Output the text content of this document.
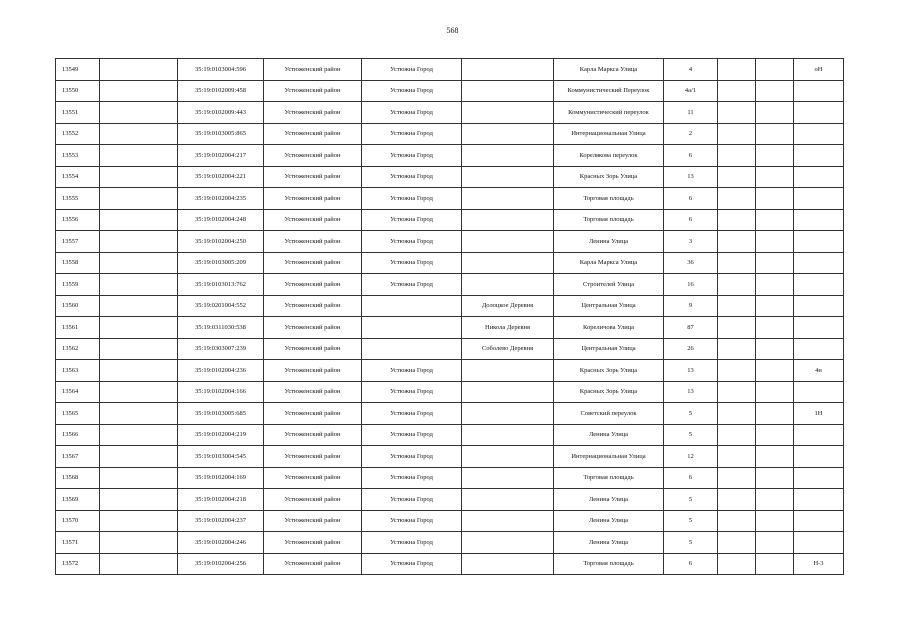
568
13549		35:19:0103004:596	Устюженский район	Устюжна Город		Карла Маркса Улица	4			оН
13550		35:19:0102009:458	Устюженский район	Устюжна Город		Коммунистический Переулок	4а/1			
13551		35:19:0102009:443	Устюженский район	Устюжна Город		Коммунистический переулок	11			
13552		35:19:0103005:865	Устюженский район	Устюжна Город		Интернациональная Улица	2			
13553		35:19:0102004:217	Устюженский район	Устюжна Город		Корелякова переулок	6			
13554		35:19:0102004:221	Устюженский район	Устюжна Город		Красных Зорь Улица	13			
13555		35:19:0102004:235	Устюженский район	Устюжна Город		Торговая площадь	6			
13556		35:19:0102004:248	Устюженский район	Устюжна Город		Торговая площадь	6			
13557		35:19:0102004:250	Устюженский район	Устюжна Город		Ленина Улица	3			
13558		35:19:0103005:209	Устюженский район	Устюжна Город		Карла Маркса Улица	36			
13559		35:19:0103013:762	Устюженский район	Устюжна Город		Строителей Улица	16			
13560		35:19:0201004:552	Устюженский район		Долоцкое Деревня	Центральная Улица	9			
13561		35:19:0311030:538	Устюженский район		Никола Деревня	Кореличова Улица	87			
13562		35:19:0303007:239	Устюженский район		Соболево Деревня	Центральная Улица	26			
13563		35:19:0102004:236	Устюженский район	Устюжна Город		Красных Зорь Улица	13			4н
13564		35:19:0102004:166	Устюженский район	Устюжна Город		Красных Зорь Улица	13			
13565		35:19:0103005:685	Устюженский район	Устюжна Город		Советский переулок	5			1Н
13566		35:19:0102004:219	Устюженский район	Устюжна Город		Ленина Улица	5			
13567		35:19:0103004:545	Устюженский район	Устюжна Город		Интернациональная Улица	12			
13568		35:19:0102004:169	Устюженский район	Устюжна Город		Торговая площадь	6			
13569		35:19:0102004:218	Устюженский район	Устюжна Город		Ленина Улица	5			
13570		35:19:0102004:237	Устюженский район	Устюжна Город		Ленина Улица	5			
13571		35:19:0102004:246	Устюженский район	Устюжна Город		Ленина Улица	5			
13572		35:19:0102004:256	Устюженский район	Устюжна Город		Торговая площадь	6			Н-3
